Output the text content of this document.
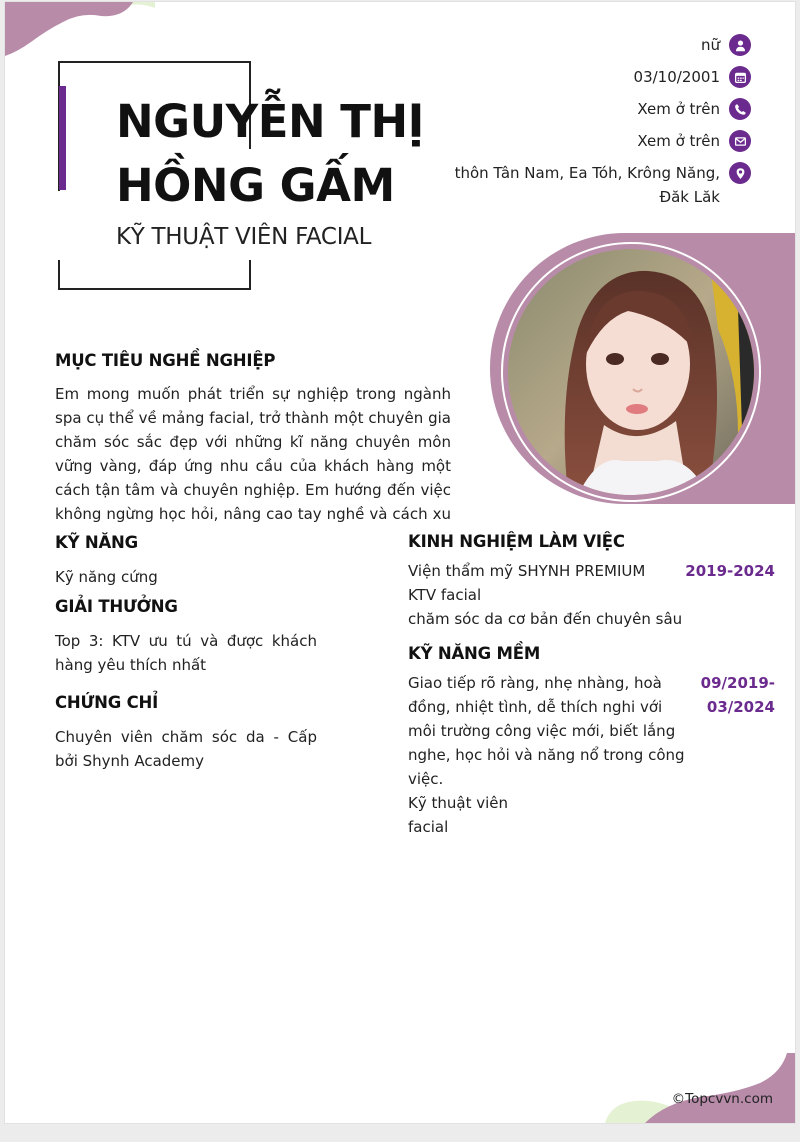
NGUYỄN THỊ
HỒNG GẤM
KỸ THUẬT VIÊN FACIAL
nữ
03/10/2001
Xem ở trên
Xem ở trên
thôn Tân Nam, Ea Tóh, Krông Năng,
Đăk Lăk
MỤC TIÊU NGHỀ NGHIỆP
Em mong muốn phát triển sự nghiệp trong ngành spa cụ thể về mảng facial, trở thành một chuyên gia chăm sóc sắc đẹp với những kĩ năng chuyên môn vững vàng, đáp ứng nhu cầu của khách hàng một cách tận tâm và chuyên nghiệp. Em hướng đến việc không ngừng học hỏi, nâng cao tay nghề và cách xu
KỸ NĂNG
Kỹ năng cứng
GIẢI THƯỞNG
Top 3: KTV ưu tú và được khách hàng yêu thích nhất
CHỨNG CHỈ
Chuyên viên chăm sóc da - Cấp bởi Shynh Academy
KINH NGHIỆM LÀM VIỆC
Viện thẩm mỹ SHYNH PREMIUM
KTV facial
chăm sóc da cơ bản đến chuyên sâu
2019-2024
KỸ NĂNG MỀM
Giao tiếp rõ ràng, nhẹ nhàng, hoà đồng, nhiệt tình, dễ thích nghi với môi trường công việc mới, biết lắng nghe, học hỏi và năng nổ trong công việc.
Kỹ thuật viên
facial
09/2019-
03/2024
©Topcvvn.com
